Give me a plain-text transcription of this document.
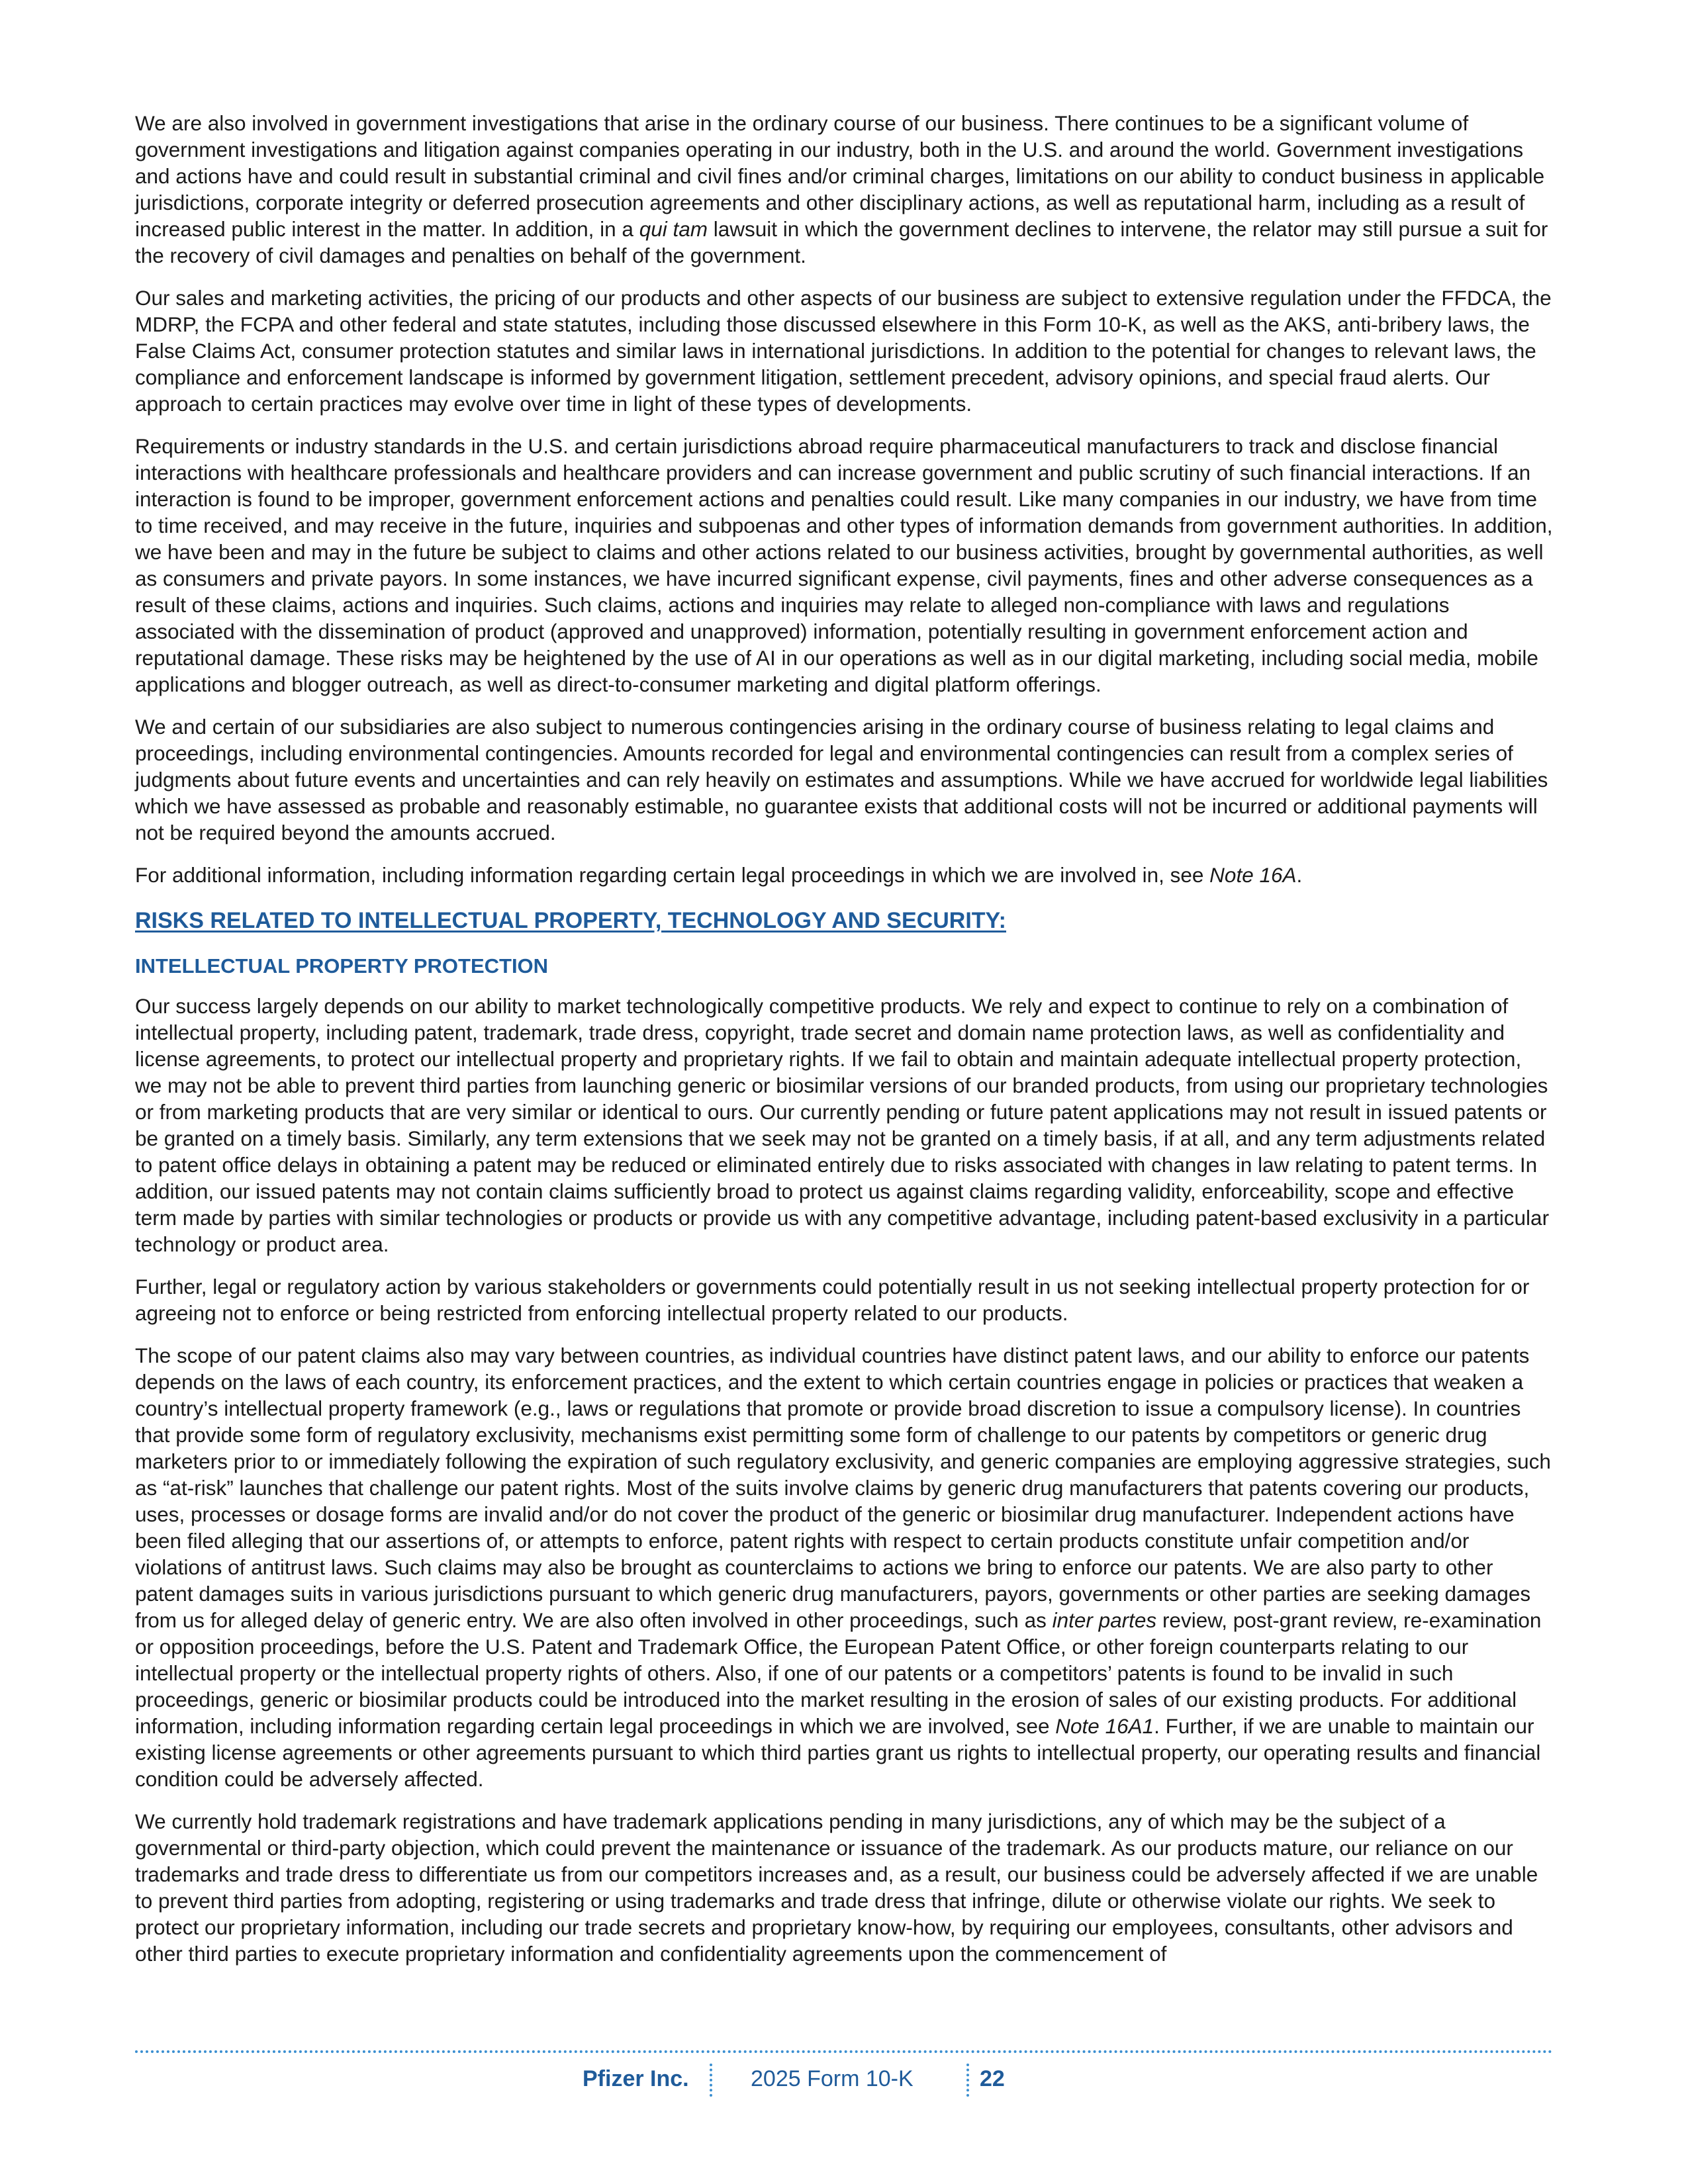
We are also involved in government investigations that arise in the ordinary course of our business. There continues to be a significant volume of government investigations and litigation against companies operating in our industry, both in the U.S. and around the world. Government investigations and actions have and could result in substantial criminal and civil fines and/or criminal charges, limitations on our ability to conduct business in applicable jurisdictions, corporate integrity or deferred prosecution agreements and other disciplinary actions, as well as reputational harm, including as a result of increased public interest in the matter. In addition, in a qui tam lawsuit in which the government declines to intervene, the relator may still pursue a suit for the recovery of civil damages and penalties on behalf of the government.

Our sales and marketing activities, the pricing of our products and other aspects of our business are subject to extensive regulation under the FFDCA, the MDRP, the FCPA and other federal and state statutes, including those discussed elsewhere in this Form 10-K, as well as the AKS, anti-bribery laws, the False Claims Act, consumer protection statutes and similar laws in international jurisdictions. In addition to the potential for changes to relevant laws, the compliance and enforcement landscape is informed by government litigation, settlement precedent, advisory opinions, and special fraud alerts. Our approach to certain practices may evolve over time in light of these types of developments.

Requirements or industry standards in the U.S. and certain jurisdictions abroad require pharmaceutical manufacturers to track and disclose financial interactions with healthcare professionals and healthcare providers and can increase government and public scrutiny of such financial interactions. If an interaction is found to be improper, government enforcement actions and penalties could result. Like many companies in our industry, we have from time to time received, and may receive in the future, inquiries and subpoenas and other types of information demands from government authorities. In addition, we have been and may in the future be subject to claims and other actions related to our business activities, brought by governmental authorities, as well as consumers and private payors. In some instances, we have incurred significant expense, civil payments, fines and other adverse consequences as a result of these claims, actions and inquiries. Such claims, actions and inquiries may relate to alleged non-compliance with laws and regulations associated with the dissemination of product (approved and unapproved) information, potentially resulting in government enforcement action and reputational damage. These risks may be heightened by the use of AI in our operations as well as in our digital marketing, including social media, mobile applications and blogger outreach, as well as direct-to-consumer marketing and digital platform offerings.

We and certain of our subsidiaries are also subject to numerous contingencies arising in the ordinary course of business relating to legal claims and proceedings, including environmental contingencies. Amounts recorded for legal and environmental contingencies can result from a complex series of judgments about future events and uncertainties and can rely heavily on estimates and assumptions. While we have accrued for worldwide legal liabilities which we have assessed as probable and reasonably estimable, no guarantee exists that additional costs will not be incurred or additional payments will not be required beyond the amounts accrued.

For additional information, including information regarding certain legal proceedings in which we are involved in, see Note 16A.

RISKS RELATED TO INTELLECTUAL PROPERTY, TECHNOLOGY AND SECURITY:
INTELLECTUAL PROPERTY PROTECTION

Our success largely depends on our ability to market technologically competitive products. We rely and expect to continue to rely on a combination of intellectual property, including patent, trademark, trade dress, copyright, trade secret and domain name protection laws, as well as confidentiality and license agreements, to protect our intellectual property and proprietary rights. If we fail to obtain and maintain adequate intellectual property protection, we may not be able to prevent third parties from launching generic or biosimilar versions of our branded products, from using our proprietary technologies or from marketing products that are very similar or identical to ours. Our currently pending or future patent applications may not result in issued patents or be granted on a timely basis. Similarly, any term extensions that we seek may not be granted on a timely basis, if at all, and any term adjustments related to patent office delays in obtaining a patent may be reduced or eliminated entirely due to risks associated with changes in law relating to patent terms. In addition, our issued patents may not contain claims sufficiently broad to protect us against claims regarding validity, enforceability, scope and effective term made by parties with similar technologies or products or provide us with any competitive advantage, including patent-based exclusivity in a particular technology or product area.

Further, legal or regulatory action by various stakeholders or governments could potentially result in us not seeking intellectual property protection for or agreeing not to enforce or being restricted from enforcing intellectual property related to our products.

The scope of our patent claims also may vary between countries, as individual countries have distinct patent laws, and our ability to enforce our patents depends on the laws of each country, its enforcement practices, and the extent to which certain countries engage in policies or practices that weaken a country’s intellectual property framework (e.g., laws or regulations that promote or provide broad discretion to issue a compulsory license). In countries that provide some form of regulatory exclusivity, mechanisms exist permitting some form of challenge to our patents by competitors or generic drug marketers prior to or immediately following the expiration of such regulatory exclusivity, and generic companies are employing aggressive strategies, such as “at-risk” launches that challenge our patent rights. Most of the suits involve claims by generic drug manufacturers that patents covering our products, uses, processes or dosage forms are invalid and/or do not cover the product of the generic or biosimilar drug manufacturer. Independent actions have been filed alleging that our assertions of, or attempts to enforce, patent rights with respect to certain products constitute unfair competition and/or violations of antitrust laws. Such claims may also be brought as counterclaims to actions we bring to enforce our patents. We are also party to other patent damages suits in various jurisdictions pursuant to which generic drug manufacturers, payors, governments or other parties are seeking damages from us for alleged delay of generic entry. We are also often involved in other proceedings, such as inter partes review, post-grant review, re-examination or opposition proceedings, before the U.S. Patent and Trademark Office, the European Patent Office, or other foreign counterparts relating to our intellectual property or the intellectual property rights of others. Also, if one of our patents or a competitors’ patents is found to be invalid in such proceedings, generic or biosimilar products could be introduced into the market resulting in the erosion of sales of our existing products. For additional information, including information regarding certain legal proceedings in which we are involved, see Note 16A1. Further, if we are unable to maintain our existing license agreements or other agreements pursuant to which third parties grant us rights to intellectual property, our operating results and financial condition could be adversely affected.

We currently hold trademark registrations and have trademark applications pending in many jurisdictions, any of which may be the subject of a governmental or third-party objection, which could prevent the maintenance or issuance of the trademark. As our products mature, our reliance on our trademarks and trade dress to differentiate us from our competitors increases and, as a result, our business could be adversely affected if we are unable to prevent third parties from adopting, registering or using trademarks and trade dress that infringe, dilute or otherwise violate our rights. We seek to protect our proprietary information, including our trade secrets and proprietary know-how, by requiring our employees, consultants, other advisors and other third parties to execute proprietary information and confidentiality agreements upon the commencement of

Pfizer Inc.	2025 Form 10-K	22
